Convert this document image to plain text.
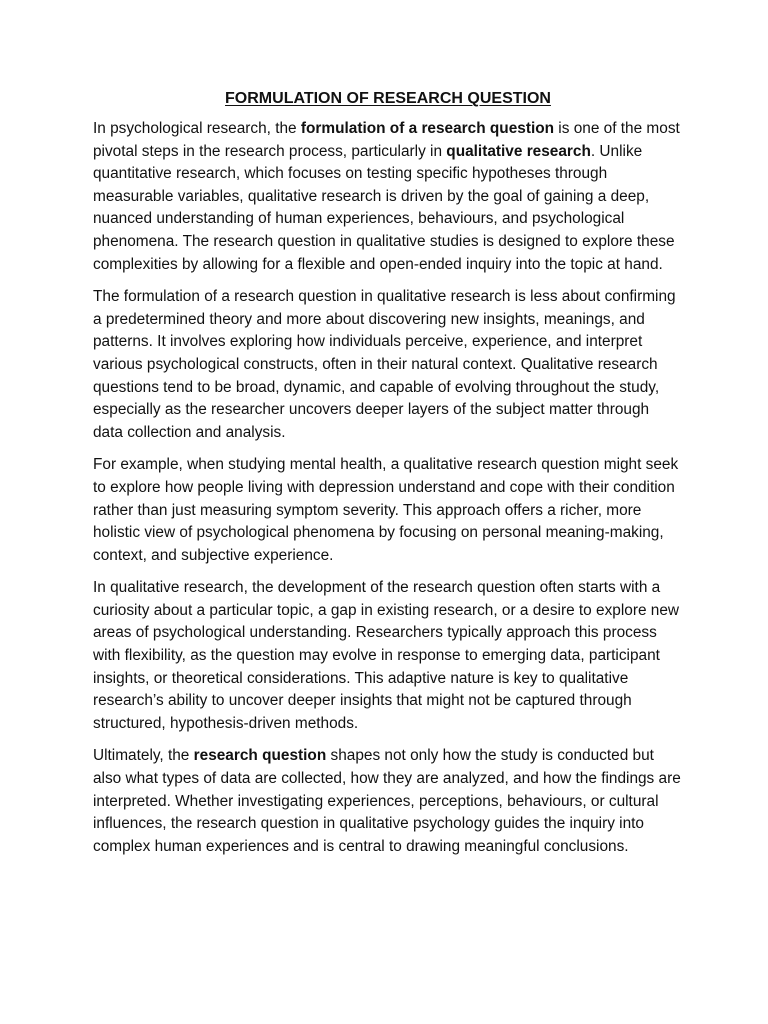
FORMULATION OF RESEARCH QUESTION

In psychological research, the formulation of a research question is one of the most pivotal steps in the research process, particularly in qualitative research. Unlike quantitative research, which focuses on testing specific hypotheses through measurable variables, qualitative research is driven by the goal of gaining a deep, nuanced understanding of human experiences, behaviours, and psychological phenomena. The research question in qualitative studies is designed to explore these complexities by allowing for a flexible and open-ended inquiry into the topic at hand.

The formulation of a research question in qualitative research is less about confirming a predetermined theory and more about discovering new insights, meanings, and patterns. It involves exploring how individuals perceive, experience, and interpret various psychological constructs, often in their natural context. Qualitative research questions tend to be broad, dynamic, and capable of evolving throughout the study, especially as the researcher uncovers deeper layers of the subject matter through data collection and analysis.

For example, when studying mental health, a qualitative research question might seek to explore how people living with depression understand and cope with their condition rather than just measuring symptom severity. This approach offers a richer, more holistic view of psychological phenomena by focusing on personal meaning-making, context, and subjective experience.

In qualitative research, the development of the research question often starts with a curiosity about a particular topic, a gap in existing research, or a desire to explore new areas of psychological understanding. Researchers typically approach this process with flexibility, as the question may evolve in response to emerging data, participant insights, or theoretical considerations. This adaptive nature is key to qualitative research’s ability to uncover deeper insights that might not be captured through structured, hypothesis-driven methods.

Ultimately, the research question shapes not only how the study is conducted but also what types of data are collected, how they are analyzed, and how the findings are interpreted. Whether investigating experiences, perceptions, behaviours, or cultural influences, the research question in qualitative psychology guides the inquiry into complex human experiences and is central to drawing meaningful conclusions.
